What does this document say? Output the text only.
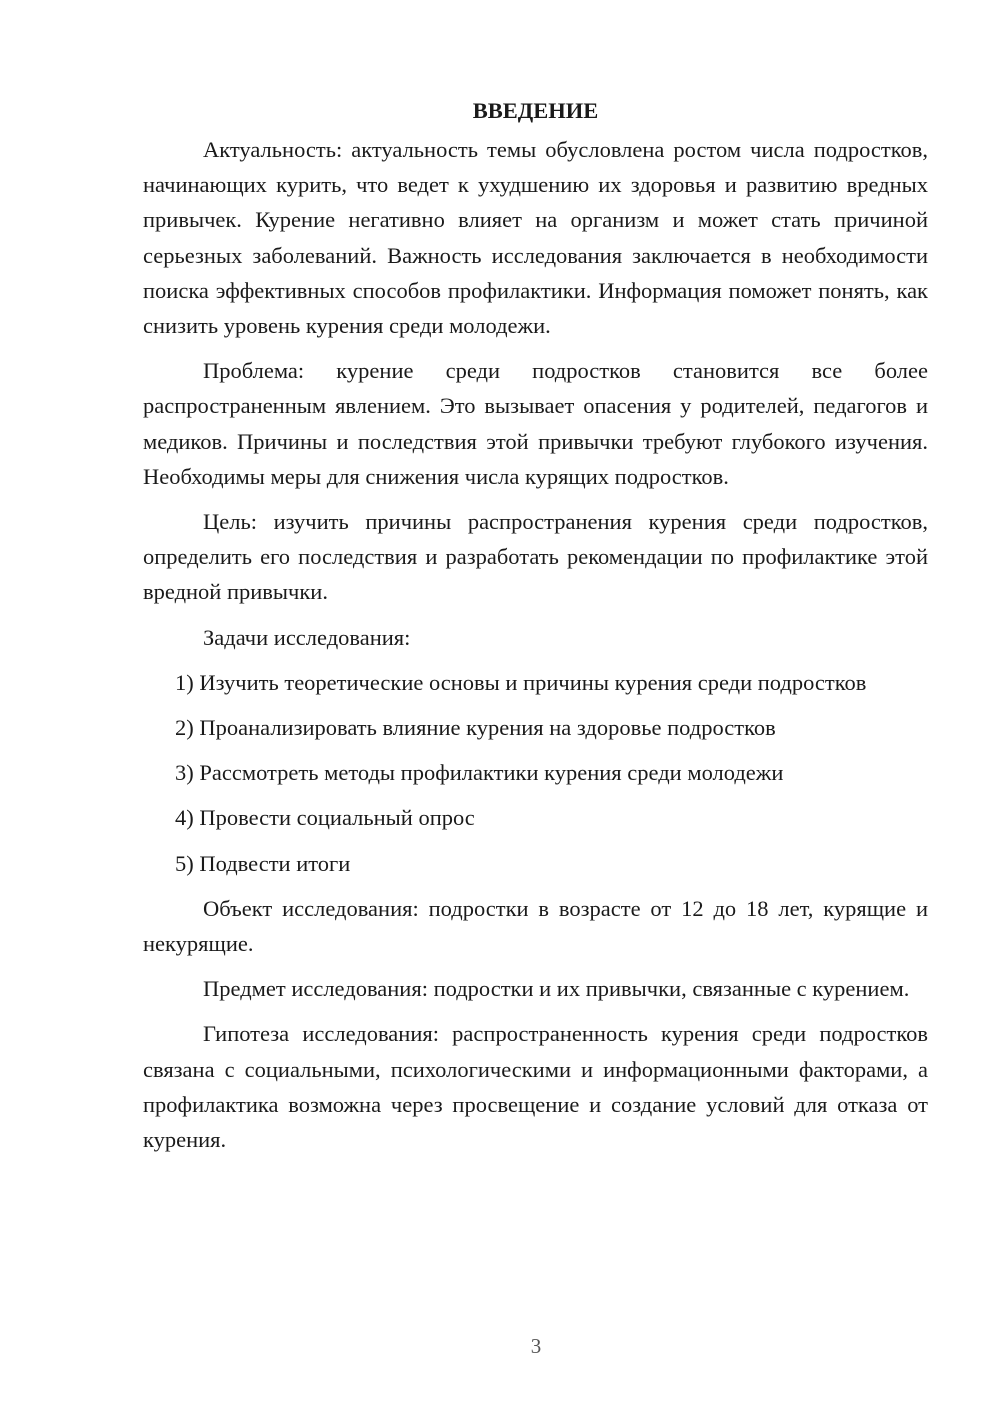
ВВЕДЕНИЕ

Актуальность: актуальность темы обусловлена ростом числа подростков, начинающих курить, что ведет к ухудшению их здоровья и развитию вредных привычек. Курение негативно влияет на организм и может стать причиной серьезных заболеваний. Важность исследования заключается в необходимости поиска эффективных способов профилактики. Информация поможет понять, как снизить уровень курения среди молодежи.

Проблема: курение среди подростков становится все более распространенным явлением. Это вызывает опасения у родителей, педагогов и медиков. Причины и последствия этой привычки требуют глубокого изучения. Необходимы меры для снижения числа курящих подростков.

Цель: изучить причины распространения курения среди подростков, определить его последствия и разработать рекомендации по профилактике этой вредной привычки.

Задачи исследования:

1) Изучить теоретические основы и причины курения среди подростков

2) Проанализировать влияние курения на здоровье подростков

3) Рассмотреть методы профилактики курения среди молодежи

4) Провести социальный опрос

5) Подвести итоги

Объект исследования: подростки в возрасте от 12 до 18 лет, курящие и некурящие.

Предмет исследования: подростки и их привычки, связанные с курением.

Гипотеза исследования: распространенность курения среди подростков связана с социальными, психологическими и информационными факторами, а профилактика возможна через просвещение и создание условий для отказа от курения.

3
